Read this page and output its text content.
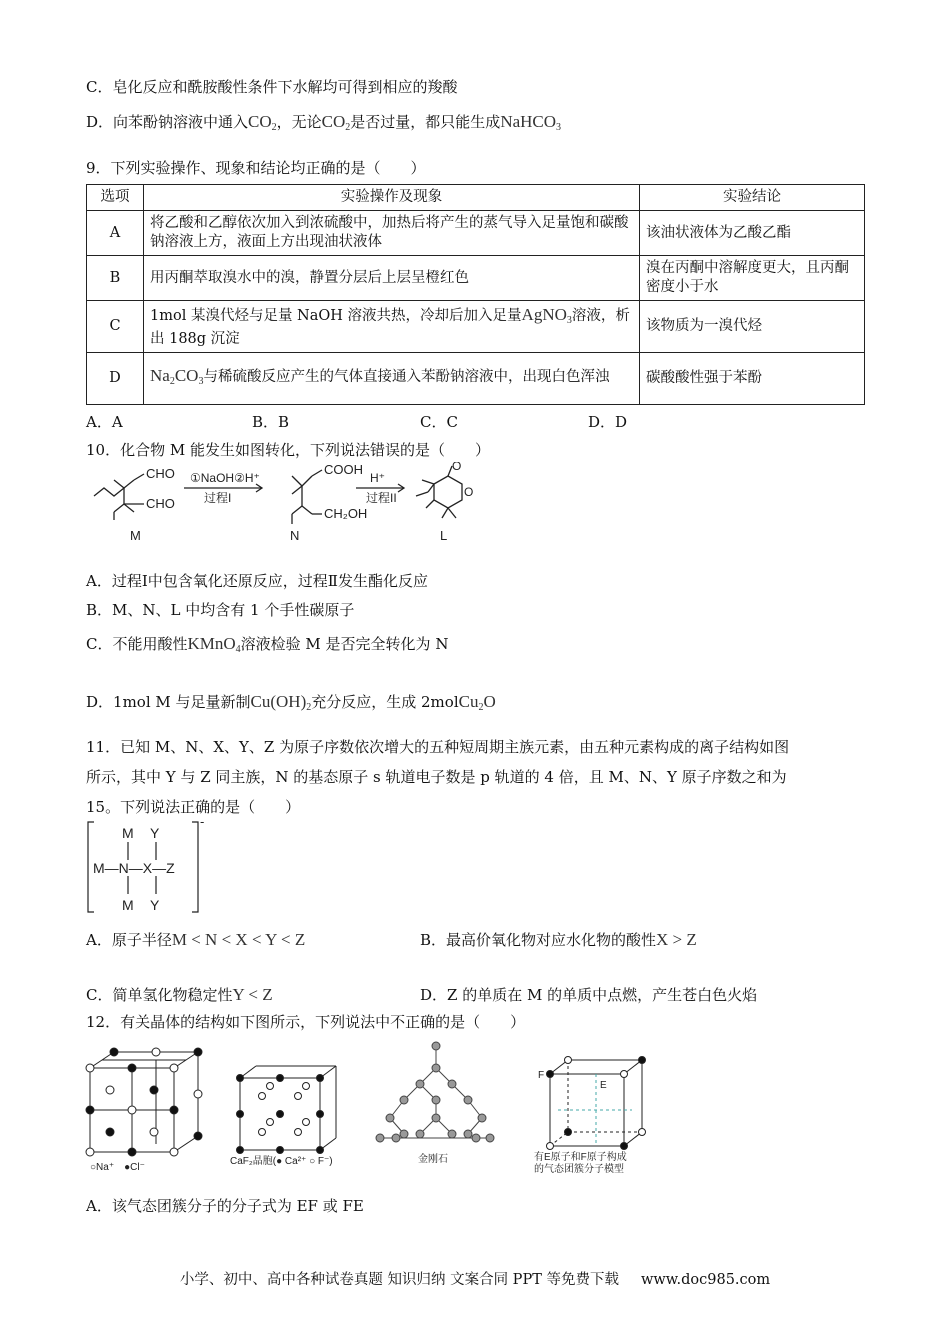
C．皂化反应和酰胺酸性条件下水解均可得到相应的羧酸
D．向苯酚钠溶液中通入$CO_2$，无论$CO_2$是否过量，都只能生成NaHCO$_3$
9．下列实验操作、现象和结论均正确的是（　　）
选项	实验操作及现象	实验结论
A	将乙酸和乙醇依次加入到浓硫酸中，加热后将产生的蒸气导入足量饱和碳酸钠溶液上方，液面上方出现油状液体	该油状液体为乙酸乙酯
B	用丙酮萃取溴水中的溴，静置分层后上层呈橙红色	溴在丙酮中溶解度更大，且丙酮密度小于水
C	1mol 某溴代烃与足量 NaOH 溶液共热，冷却后加入足量AgNO$_3$溶液，析出 188g 沉淀	该物质为一溴代烃
D	$Na_2CO_3$与稀硫酸反应产生的气体直接通入苯酚钠溶液中，出现白色浑浊	碳酸酸性强于苯酚
A．A	B．B	C．C	D．D
10．化合物 M 能发生如图转化，下列说法错误的是（　　）
CHO
CHO
①NaOH②H⁺
过程I
COOH
CH₂OH
H⁺
过程II	O
O
M	N	L
A．过程Ⅰ中包含氧化还原反应，过程Ⅱ发生酯化反应
B．M、N、L 中均含有 1 个手性碳原子
C．不能用酸性KMnO$_4$溶液检验 M 是否完全转化为 N
D．1mol M 与足量新制$Cu(OH)_2$充分反应，生成 2molCu$_2$O
11．已知 M、N、X、Y、Z 为原子序数依次增大的五种短周期主族元素，由五种元素构成的离子结构如图
所示，其中 Y 与 Z 同主族，N 的基态原子 s 轨道电子数是 p 轨道的 4 倍，且 M、N、Y 原子序数之和为
15。下列说法正确的是（　　）
M Y
M—N—X—Z
M Y
-
A．原子半径M < N < X < Y < Z	B．最高价氧化物对应水化物的酸性X > Z
C．简单氢化物稳定性Y < Z	D．Z 的单质在 M 的单质中点燃，产生苍白色火焰
12．有关晶体的结构如下图所示，下列说法中不正确的是（　　）
○Na⁺　●Cl⁻
CaF₂晶胞(● Ca²⁺ ○ F⁻)	金刚石
F
E
有E原子和F原子构成
的气态团簇分子模型
A．该气态团簇分子的分子式为 EF 或 FE
小学、初中、高中各种试卷真题 知识归纳 文案合同 PPT 等免费下载 www.doc985.com
